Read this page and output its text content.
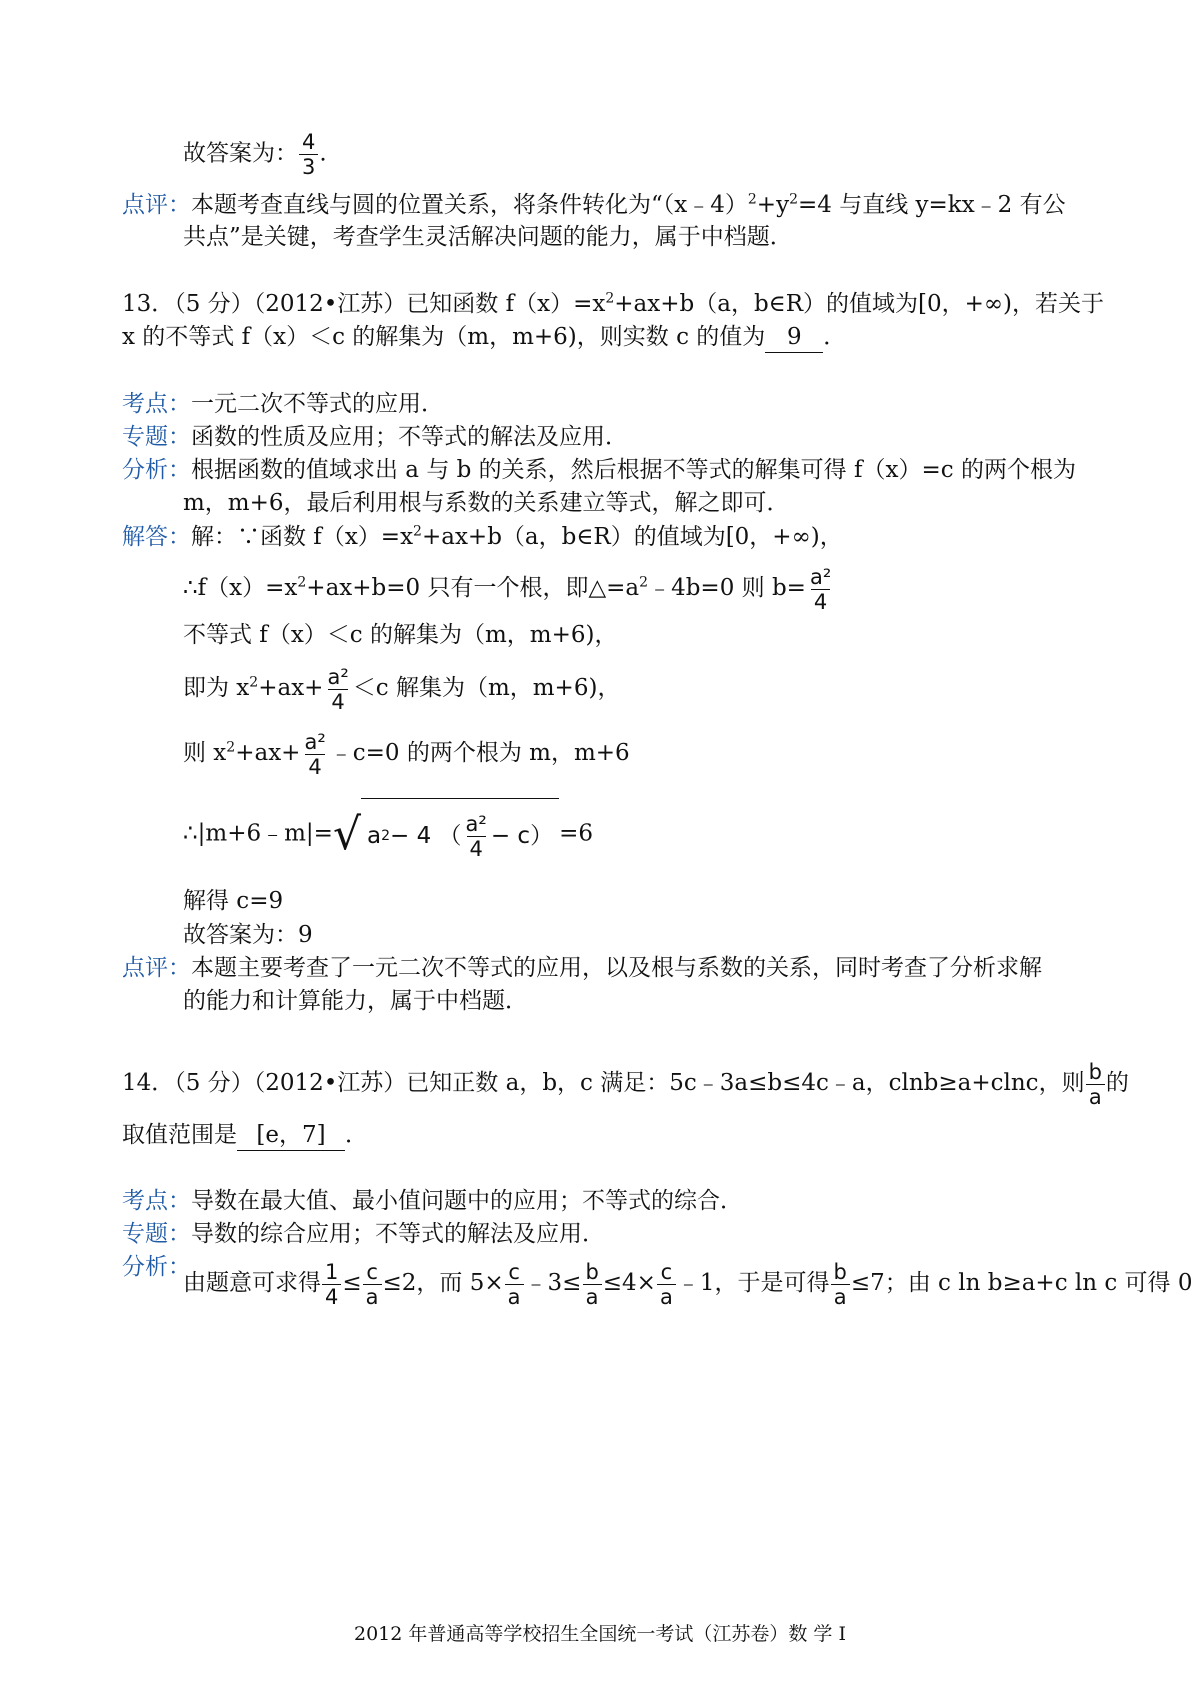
故答案为： $\frac{4}{3}$ .
点评：本题考查直线与圆的位置关系，将条件转化为“$(x﹣4)^2+y^2=4$ 与直线 y=kx﹣2 有公
共点”是关键，考查学生灵活解决问题的能力，属于中档题．
13．（5 分）（2012•江苏）已知函数 $f(x)=x^2+ax+b(a$，b∈R）的值域为[0，+∞)，若关于
x 的不等式 f（x）＜c 的解集为（m，m+6)，则实数 c 的值为 9 ．
考点：一元二次不等式的应用．
专题：函数的性质及应用；不等式的解法及应用．
分析：根据函数的值域求出 a 与 b 的关系，然后根据不等式的解集可得 f（x）=c 的两个根为
m，m+6，最后利用根与系数的关系建立等式，解之即可．
解答：解：∵函数 $f(x)=x^2+ax+b(a$，b∈R）的值域为[0，+∞)，
$\therefore f(x)=x^2+ax+b=0$ 只有一个根，即$\triangle=a^2﹣4b=0$ 则 $b= \frac{\text{a²}}{4}$
不等式 f（x）＜c 的解集为（m，m+6)，
即为 $x^2+ax+ \frac{\text{a²}}{4} <c$ 解集为（m，m+6)，
则 $x^2+ax+ \frac{\text{a²}}{4}$ ﹣c=0 的两个根为 m，m+6
∴|m+6﹣m|= √ a 2 − 4 （ $\frac{\text{a²}}{4} - c) =6$
解得 c=9
故答案为：9
点评：本题主要考查了一元二次不等式的应用，以及根与系数的关系，同时考查了分析求解
的能力和计算能力，属于中档题．
14．（5 分）（2012•江苏）已知正数 a，b，c 满足：5c﹣3a≤b≤4c﹣a，clnb≥a+clnc，则 $\frac{b}{a}$ 的
取值范围是 [e，7] ．
考点：导数在最大值、最小值问题中的应用；不等式的综合．
专题：导数的综合应用；不等式的解法及应用．
分析：
由题意可求得 $\frac{1}{4} \le \frac{c}{a} \le 2$，而 $5\times \frac{c}{a}$ ﹣3≤ $\frac{b}{a} \le 4\times \frac{c}{a}$ ﹣1，于是可得 $\frac{b}{a} \le 7$；由 c ln b≥a+c ln c 可得 0
2012 年普通高等学校招生全国统一考试（江苏卷）数 学 Ⅰ
